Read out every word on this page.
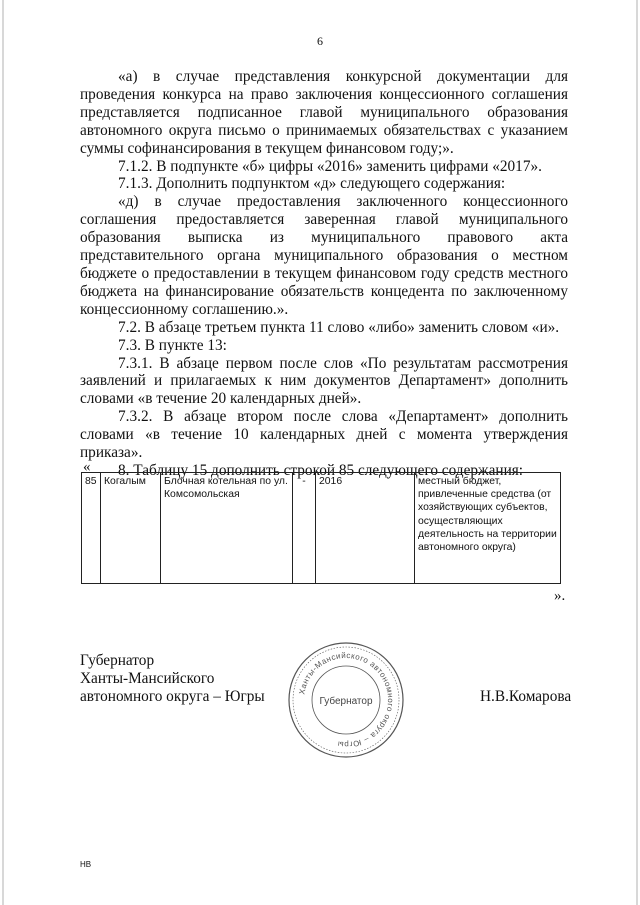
6

«а) в случае представления конкурсной документации для проведения конкурса на право заключения концессионного соглашения представляется подписанное главой муниципального образования автономного округа письмо о принимаемых обязательствах с указанием суммы софинансирования в текущем финансовом году;».

7.1.2. В подпункте «б» цифры «2016» заменить цифрами «2017».

7.1.3. Дополнить подпунктом «д» следующего содержания:

«д) в случае предоставления заключенного концессионного соглашения предоставляется заверенная главой муниципального образования выписка из муниципального правового акта представительного органа муниципального образования о местном бюджете о предоставлении в текущем финансовом году средств местного бюджета на финансирование обязательств концедента по заключенному концессионному соглашению.».

7.2. В абзаце третьем пункта 11 слово «либо» заменить словом «и».

7.3. В пункте 13:

7.3.1. В абзаце первом после слов «По результатам рассмотрения заявлений и прилагаемых к ним документов Департамент» дополнить словами «в течение 20 календарных дней».

7.3.2. В абзаце втором после слова «Департамент» дополнить словами «в течение 10 календарных дней с момента утверждения приказа».

8. Таблицу 15 дополнить строкой 85 следующего содержания:

«
85	Когалым	Блочная котельная по ул. Комсомольская	-	2016	местный бюджет, привлеченные средства (от хозяйствующих субъектов, осуществляющих деятельность на территории автономного округа)
».
Губернатор
Ханты-Мансийского
автономного округа – Югры	Ханты-Мансийского автономного округа – Югры
Губернатор	Н.В.Комарова
НВ
